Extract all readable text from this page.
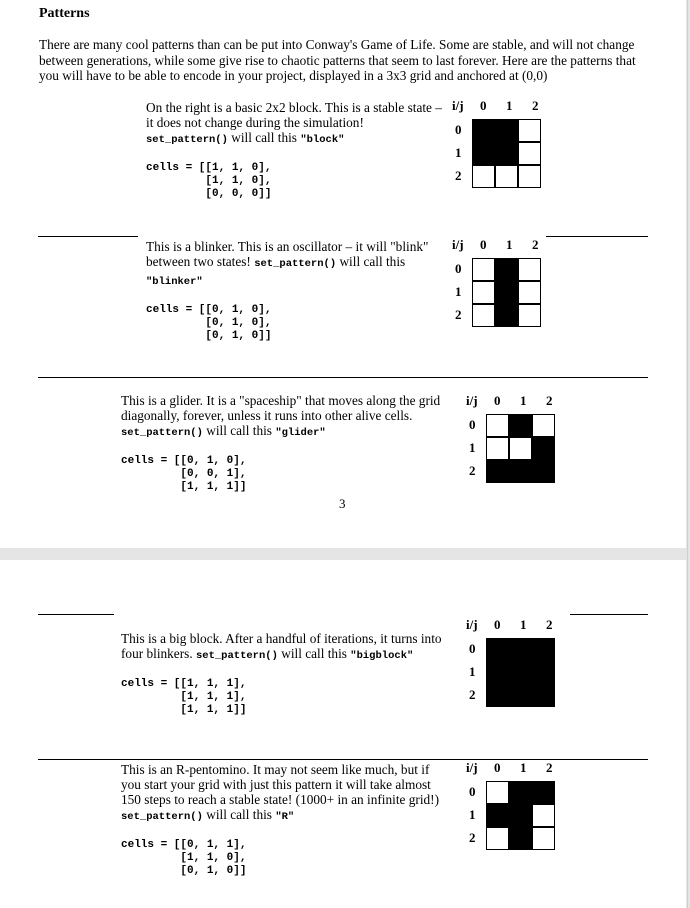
Patterns
There are many cool patterns than can be put into Conway's Game of Life. Some are stable, and will not change between generations, while some give rise to chaotic patterns that seem to last forever. Here are the patterns that you will have to be able to encode in your project, displayed in a 3x3 grid and anchored at (0,0)
On the right is a basic 2x2 block. This is a stable state – it does not change during the simulation!
set_pattern() will call this "block"
cells = [[1, 1, 0],
[1, 1, 0],
[0, 0, 0]]
i/j 0 1 2
0
1
2
This is a blinker. This is an oscillator – it will "blink" between two states! set_pattern() will call this "blinker"
cells = [[0, 1, 0],
[0, 1, 0],
[0, 1, 0]]
i/j 0 1 2
0
1
2
This is a glider. It is a "spaceship" that moves along the grid diagonally, forever, unless it runs into other alive cells.
set_pattern() will call this "glider"
cells = [[0, 1, 0],
[0, 0, 1],
[1, 1, 1]]
i/j 0 1 2
0
1
2
3
This is a big block. After a handful of iterations, it turns into four blinkers. set_pattern() will call this "bigblock"
cells = [[1, 1, 1],
[1, 1, 1],
[1, 1, 1]]
i/j 0 1 2
0
1
2
This is an R-pentomino. It may not seem like much, but if you start your grid with just this pattern it will take almost 150 steps to reach a stable state! (1000+ in an infinite grid!)
set_pattern() will call this "R"
cells = [[0, 1, 1],
[1, 1, 0],
[0, 1, 0]]
i/j 0 1 2
0
1
2
